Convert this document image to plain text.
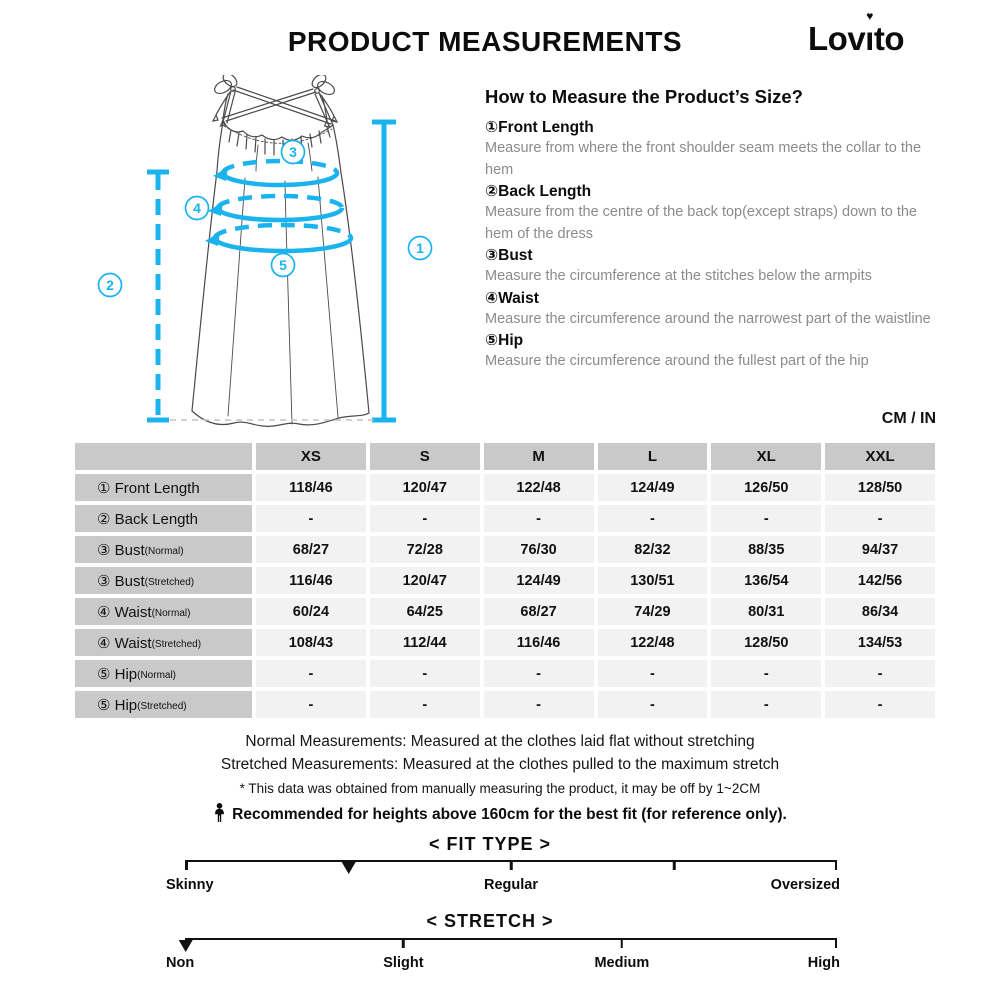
PRODUCT MEASUREMENTS	Lovı
♥
to
1
2
3
4
5
How to Measure the Product’s Size?
①Front Length
Measure from where the front shoulder seam meets the collar to the hem
②Back Length
Measure from the centre of the back top(except straps) down to the hem of the dress
③Bust
Measure the circumference at the stitches below the armpits
④Waist
Measure the circumference around the narrowest part of the waistline
⑤Hip
Measure the circumference around the fullest part of the hip
CM / IN
XS	S	M	L	XL	XXL
① Front Length	118/46	120/47	122/48	124/49	126/50	128/50
② Back Length	-	-	-	-	-	-
③ Bust (Normal)	68/27	72/28	76/30	82/32	88/35	94/37
③ Bust (Stretched)	116/46	120/47	124/49	130/51	136/54	142/56
④ Waist (Normal)	60/24	64/25	68/27	74/29	80/31	86/34
④ Waist (Stretched)	108/43	112/44	116/46	122/48	128/50	134/53
⑤ Hip (Normal)	-	-	-	-	-	-
⑤ Hip (Stretched)	-	-	-	-	-	-
Normal Measurements: Measured at the clothes laid flat without stretching
Stretched Measurements: Measured at the clothes pulled to the maximum stretch
* This data was obtained from manually measuring the product, it may be off by 1~2CM
Recommended for heights above 160cm for the best fit (for reference only).
< FIT TYPE >
Skinny	Regular	Oversized
< STRETCH >
Non	Slight	Medium	High
